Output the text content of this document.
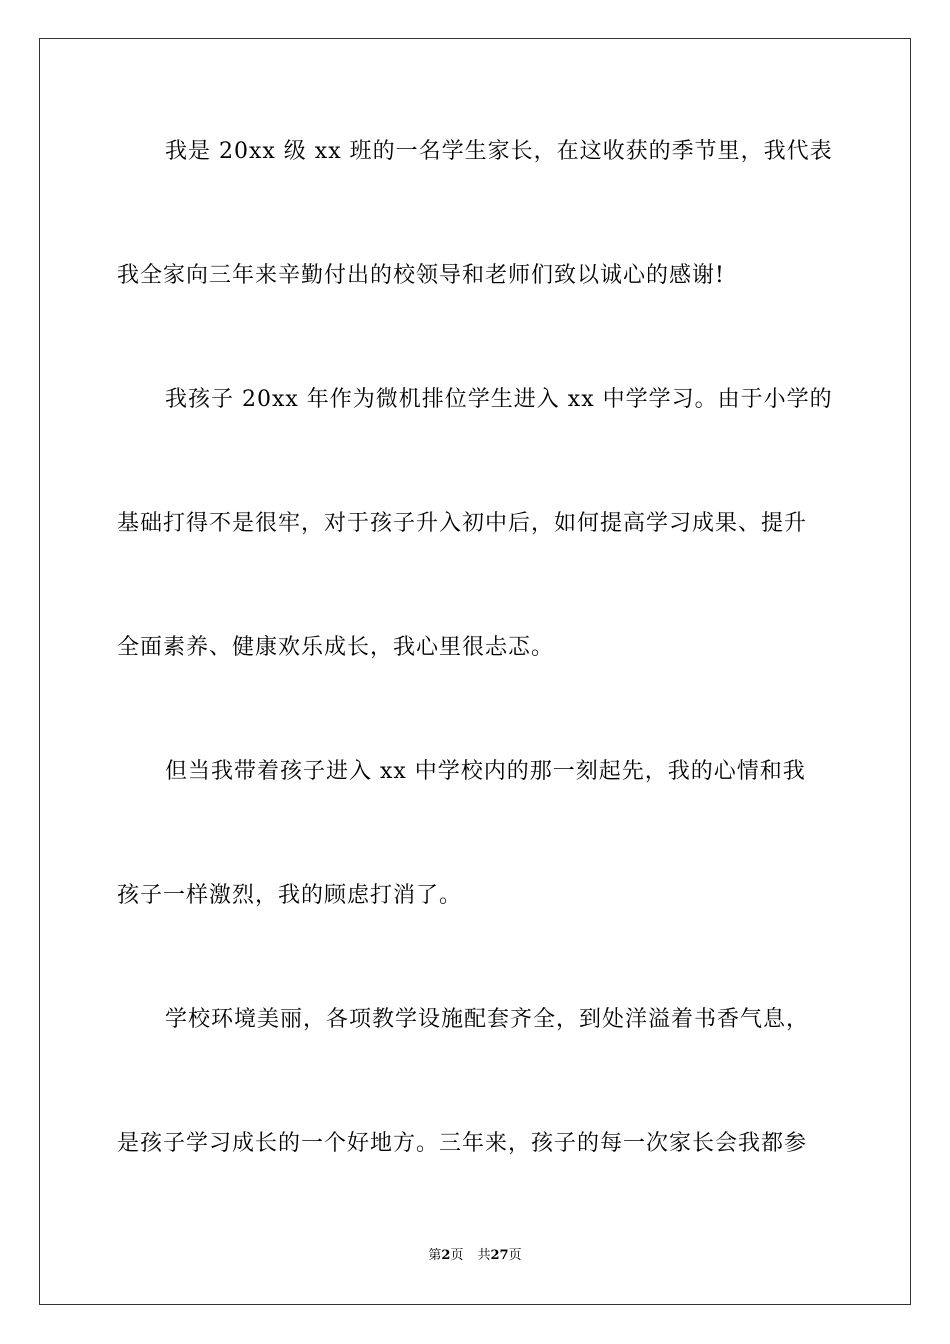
我是 20xx 级 xx 班的一名学生家长，在这收获的季节里，我代表
我全家向三年来辛勤付出的校领导和老师们致以诚心的感谢!
我孩子 20xx 年作为微机排位学生进入 xx 中学学习。由于小学的
基础打得不是很牢，对于孩子升入初中后，如何提高学习成果、提升
全面素养、健康欢乐成长，我心里很忐忑。
但当我带着孩子进入 xx 中学校内的那一刻起先，我的心情和我
孩子一样激烈，我的顾虑打消了。
学校环境美丽，各项教学设施配套齐全，到处洋溢着书香气息，
是孩子学习成长的一个好地方。三年来，孩子的每一次家长会我都参
第2页 共27页
